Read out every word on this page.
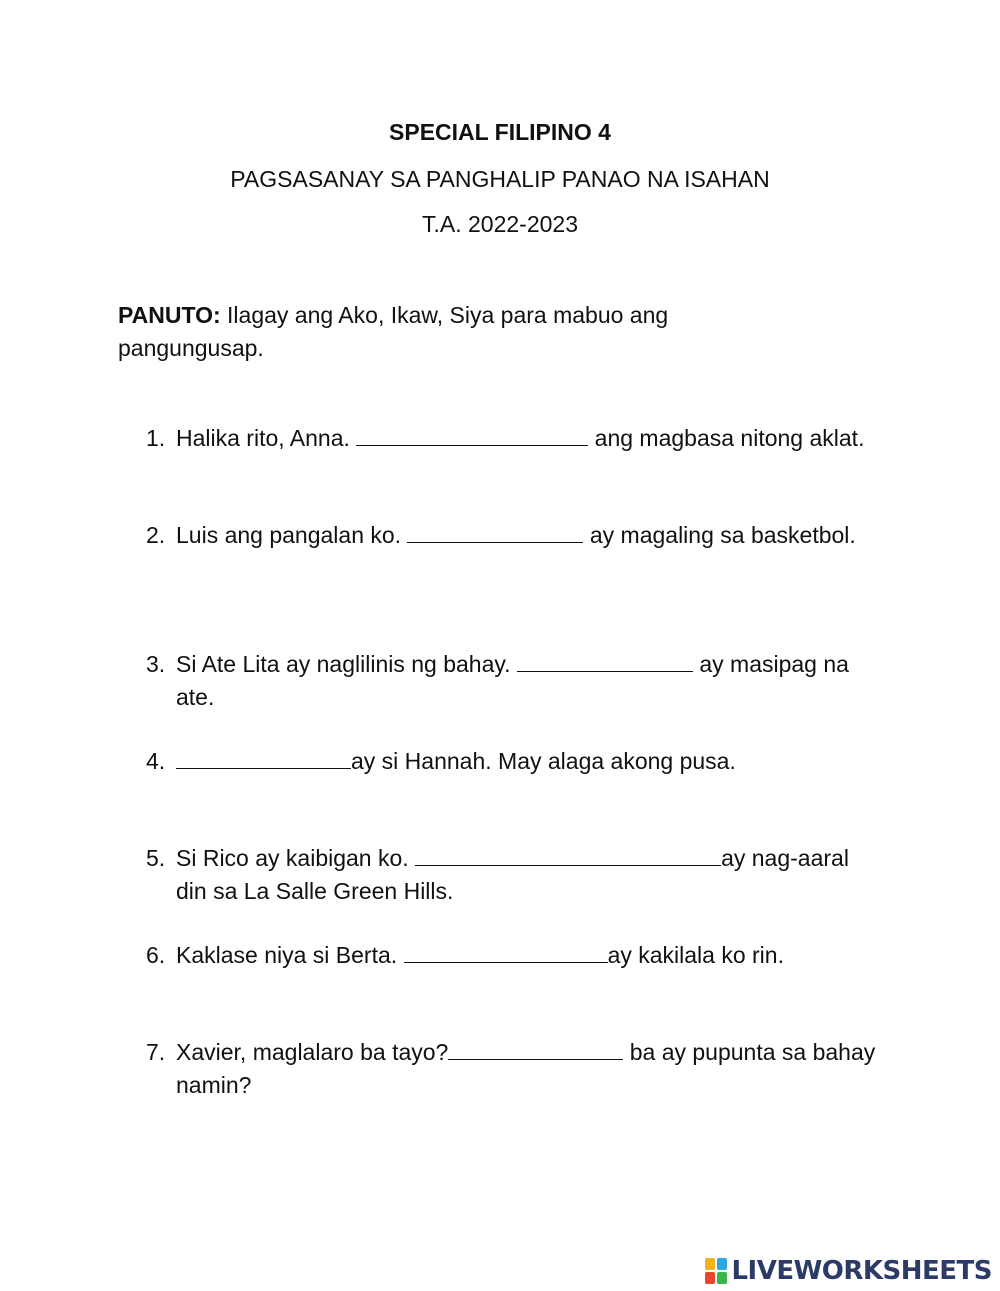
SPECIAL FILIPINO 4

PAGSASANAY SA PANGHALIP PANAO NA ISAHAN

T.A. 2022-2023

PANUTO: Ilagay ang Ako, Ikaw, Siya para mabuo ang pangungusap.
1. Halika rito, Anna.	ang magbasa nitong aklat.
2. Luis ang pangalan ko.	ay magaling sa basketbol.
3. Si Ate Lita ay naglilinis ng bahay.	ay masipag na ate.
4.	ay si Hannah. May alaga akong pusa.
5. Si Rico ay kaibigan ko.	ay nag-aaral din sa La Salle Green Hills.
6. Kaklase niya si Berta.	ay kakilala ko rin.
7. Xavier, maglalaro ba tayo?	ba ay pupunta sa bahay namin?
LIVEWORKSHEETS
